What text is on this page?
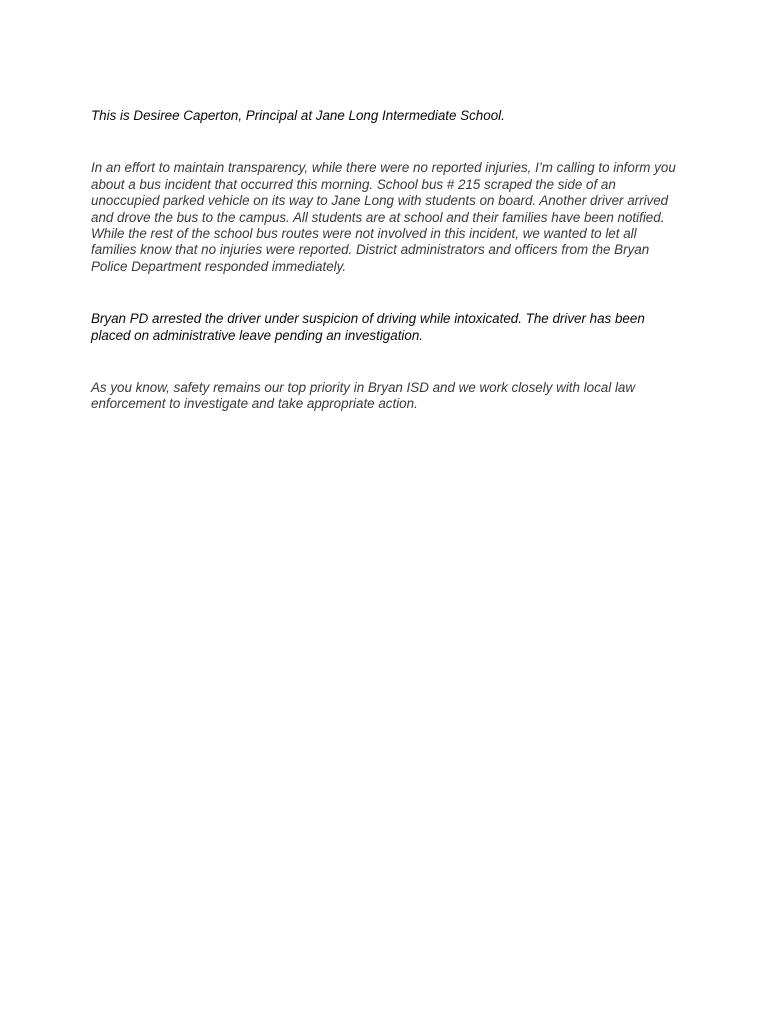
This is Desiree Caperton, Principal at Jane Long Intermediate School.

In an effort to maintain transparency, while there were no reported injuries, I’m calling to inform you about a bus incident that occurred this morning. School bus # 215 scraped the side of an unoccupied parked vehicle on its way to Jane Long with students on board. Another driver arrived and drove the bus to the campus. All students are at school and their families have been notified. While the rest of the school bus routes were not involved in this incident, we wanted to let all families know that no injuries were reported. District administrators and officers from the Bryan Police Department responded immediately.

Bryan PD arrested the driver under suspicion of driving while intoxicated. The driver has been placed on administrative leave pending an investigation.

As you know, safety remains our top priority in Bryan ISD and we work closely with local law enforcement to investigate and take appropriate action.
